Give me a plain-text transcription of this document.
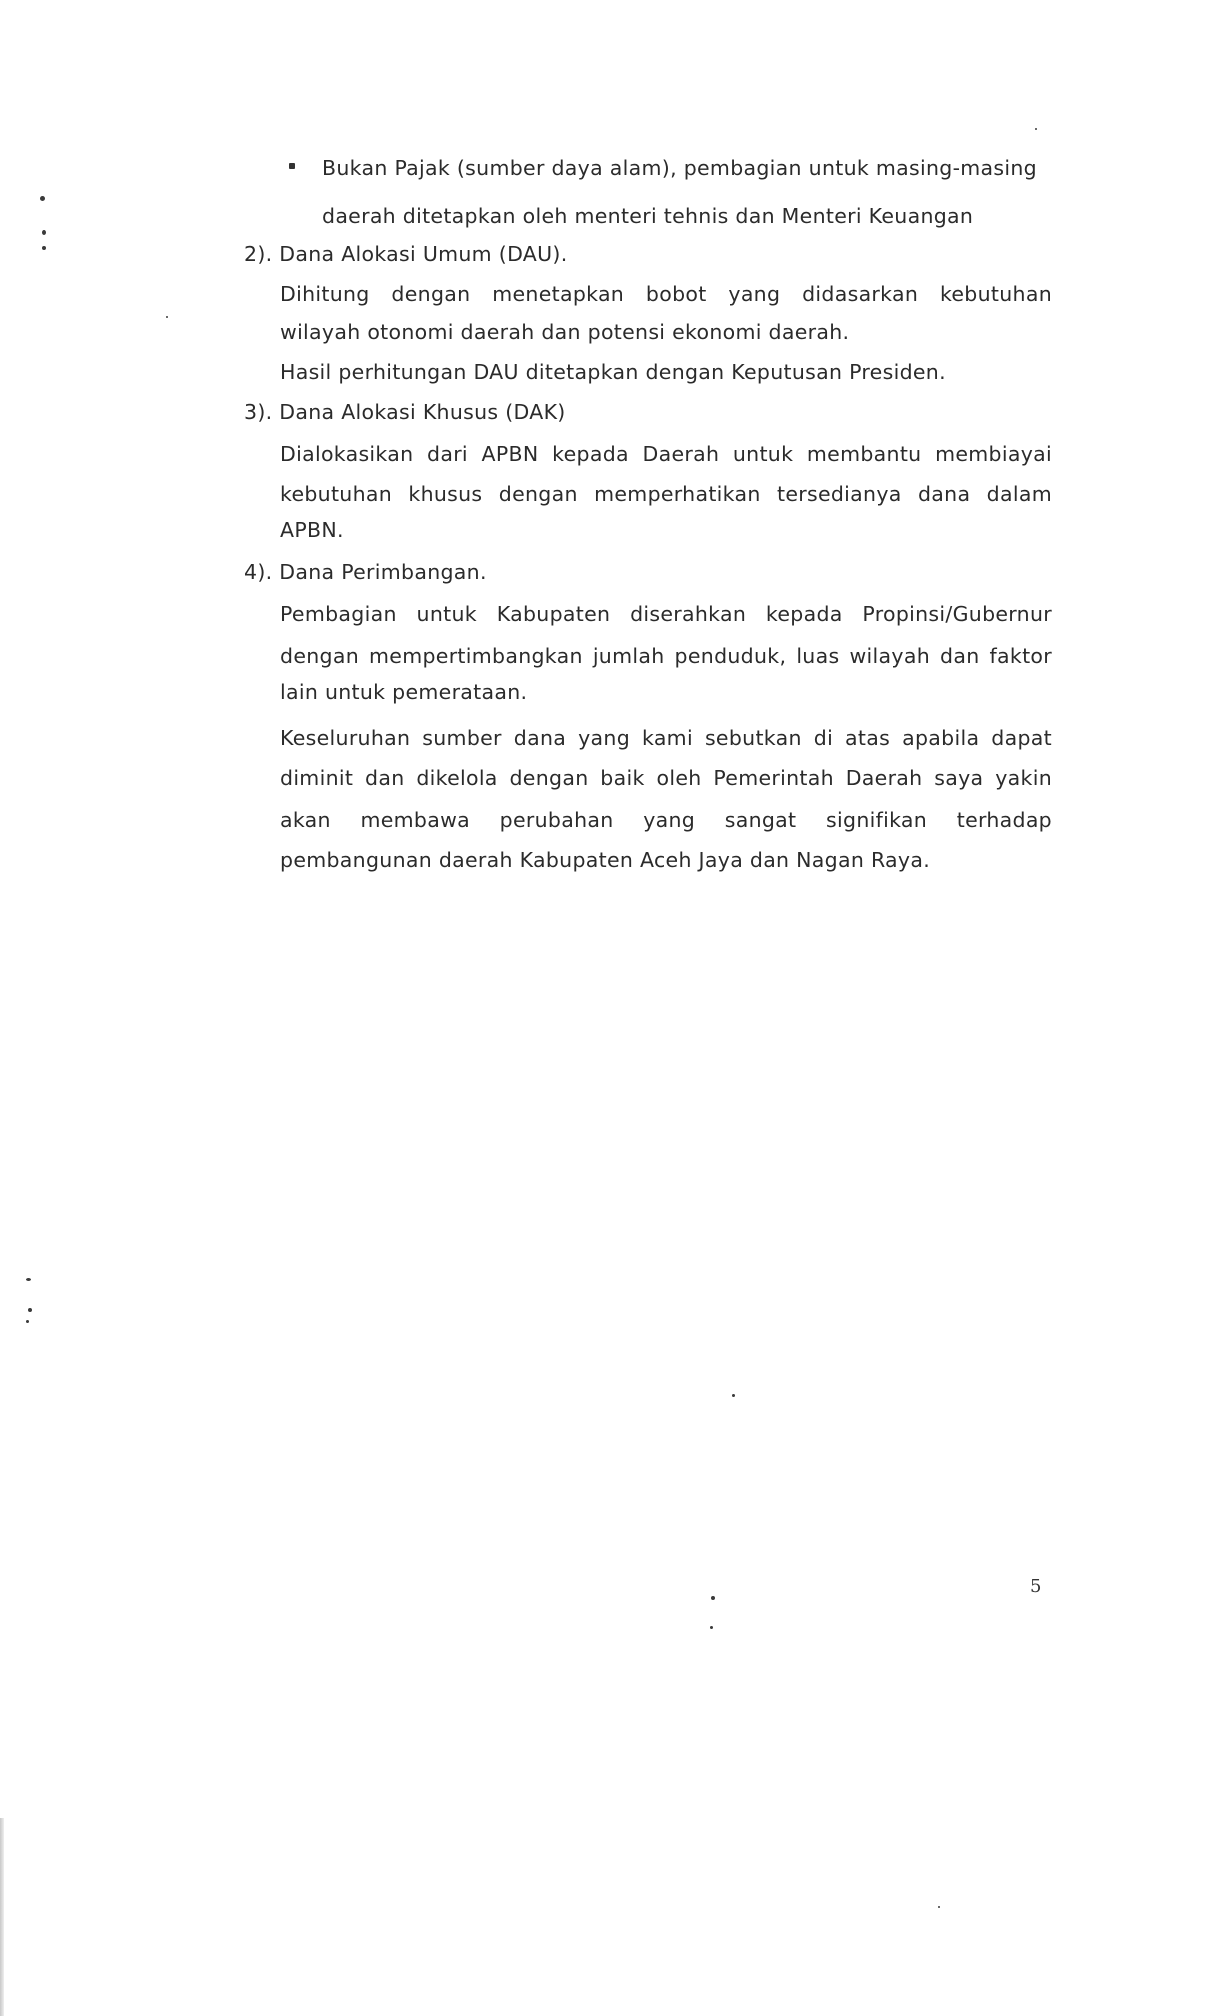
Bukan Pajak (sumber daya alam), pembagian untuk masing-masing
daerah ditetapkan oleh menteri tehnis dan Menteri Keuangan
2). Dana Alokasi Umum (DAU).
Dihitung dengan menetapkan bobot yang didasarkan kebutuhan
wilayah otonomi daerah dan potensi ekonomi daerah.
Hasil perhitungan DAU ditetapkan dengan Keputusan Presiden.
3). Dana Alokasi Khusus (DAK)
Dialokasikan dari APBN kepada Daerah untuk membantu membiayai
kebutuhan khusus dengan memperhatikan tersedianya dana dalam
APBN.
4). Dana Perimbangan.
Pembagian untuk Kabupaten diserahkan kepada Propinsi/Gubernur
dengan mempertimbangkan jumlah penduduk, luas wilayah dan faktor
lain untuk pemerataan.
Keseluruhan sumber dana yang kami sebutkan di atas apabila dapat
diminit dan dikelola dengan baik oleh Pemerintah Daerah saya yakin
akan membawa perubahan yang sangat signifikan terhadap
pembangunan daerah Kabupaten Aceh Jaya dan Nagan Raya.
5
